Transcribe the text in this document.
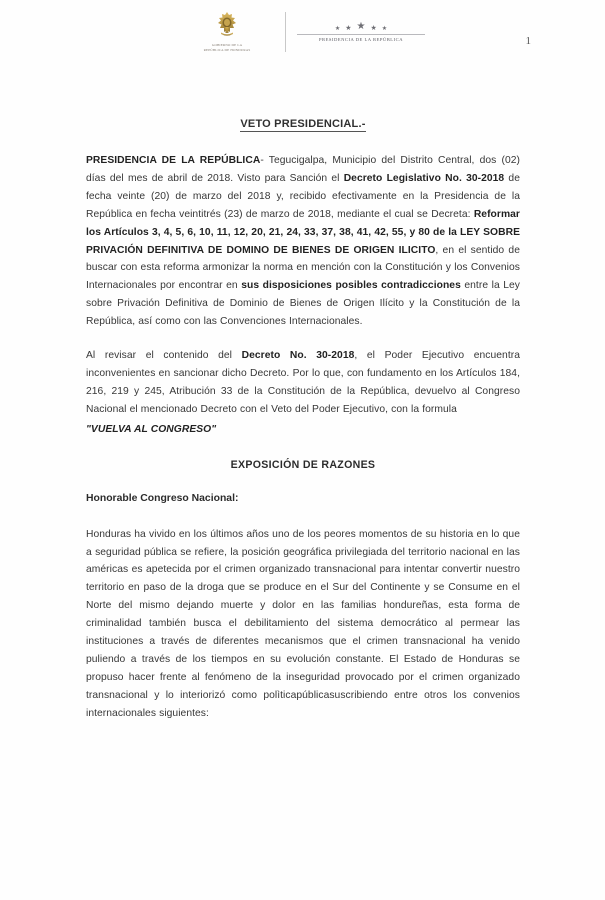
GOBIERNO DE LA
REPÚBLICA DE HONDURAS
★ ★ ★ ★ ★
PRESIDENCIA DE LA REPÚBLICA	1
VETO PRESIDENCIAL.-

PRESIDENCIA DE LA REPÚBLICA- Tegucigalpa, Municipio del Distrito Central, dos (02) días del mes de abril de 2018. Visto para Sanción el Decreto Legislativo No. 30-2018 de fecha veinte (20) de marzo del 2018 y, recibido efectivamente en la Presidencia de la República en fecha veintitrés (23) de marzo de 2018, mediante el cual se Decreta: Reformar los Artículos 3, 4, 5, 6, 10, 11, 12, 20, 21, 24, 33, 37, 38, 41, 42, 55, y 80 de la LEY SOBRE PRIVACIÓN DEFINITIVA DE DOMINO DE BIENES DE ORIGEN ILICITO, en el sentido de buscar con esta reforma armonizar la norma en mención con la Constitución y los Convenios Internacionales por encontrar en sus disposiciones posibles contradicciones entre la Ley sobre Privación Definitiva de Dominio de Bienes de Origen Ilícito y la Constitución de la República, así como con las Convenciones Internacionales.

Al revisar el contenido del Decreto No. 30-2018, el Poder Ejecutivo encuentra inconvenientes en sancionar dicho Decreto. Por lo que, con fundamento en los Artículos 184, 216, 219 y 245, Atribución 33 de la Constitución de la República, devuelvo al Congreso Nacional el mencionado Decreto con el Veto del Poder Ejecutivo, con la formula
"VUELVA AL CONGRESO"

EXPOSICIÓN DE RAZONES
Honorable Congreso Nacional:

Honduras ha vivido en los últimos años uno de los peores momentos de su historia en lo que a seguridad pública se refiere, la posición geográfica privilegiada del territorio nacional en las américas es apetecida por el crimen organizado transnacional para intentar convertir nuestro territorio en paso de la droga que se produce en el Sur del Continente y se Consume en el Norte del mismo dejando muerte y dolor en las familias hondureñas, esta forma de criminalidad también busca el debilitamiento del sistema democrático al permear las instituciones a través de diferentes mecanismos que el crimen transnacional ha venido puliendo a través de los tiempos en su evolución constante. El Estado de Honduras se propuso hacer frente al fenómeno de la inseguridad provocado por el crimen organizado transnacional y lo interiorizó como polìticapúblicasuscribiendo entre otros los convenios internacionales siguientes:
